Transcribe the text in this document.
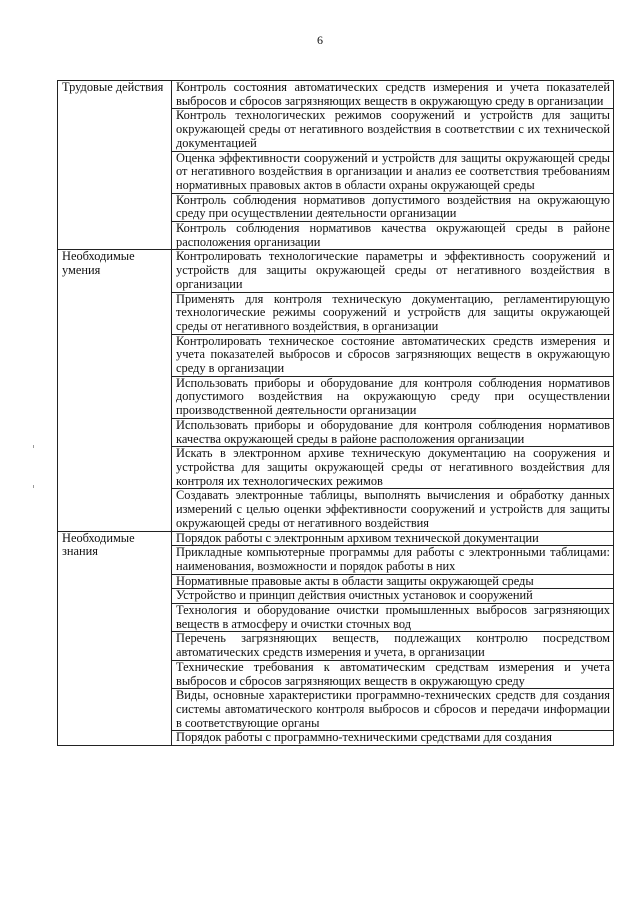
6
Трудовые действия	Контроль состояния автоматических средств измерения и учета показателей выбросов и сбросов загрязняющих веществ в окружающую среду в организации
	Контроль технологических режимов сооружений и устройств для защиты окружающей среды от негативного воздействия в соответствии с их технической документацией
	Оценка эффективности сооружений и устройств для защиты окружающей среды от негативного воздействия в организации и анализ ее соответствия требованиям нормативных правовых актов в области охраны окружающей среды
	Контроль соблюдения нормативов допустимого воздействия на окружающую среду при осуществлении деятельности организации
	Контроль соблюдения нормативов качества окружающей среды в районе расположения организации
Необходимые умения	Контролировать технологические параметры и эффективность сооружений и устройств для защиты окружающей среды от негативного воздействия в организации
	Применять для контроля техническую документацию, регламентирующую технологические режимы сооружений и устройств для защиты окружающей среды от негативного воздействия, в организации
	Контролировать техническое состояние автоматических средств измерения и учета показателей выбросов и сбросов загрязняющих веществ в окружающую среду в организации
	Использовать приборы и оборудование для контроля соблюдения нормативов допустимого воздействия на окружающую среду при осуществлении производственной деятельности организации
	Использовать приборы и оборудование для контроля соблюдения нормативов качества окружающей среды в районе расположения организации
	Искать в электронном архиве техническую документацию на сооружения и устройства для защиты окружающей среды от негативного воздействия для контроля их технологических режимов
	Создавать электронные таблицы, выполнять вычисления и обработку данных измерений с целью оценки эффективности сооружений и устройств для защиты окружающей среды от негативного воздействия
Необходимые знания	Порядок работы с электронным архивом технической документации
	Прикладные компьютерные программы для работы с электронными таблицами: наименования, возможности и порядок работы в них
	Нормативные правовые акты в области защиты окружающей среды
	Устройство и принцип действия очистных установок и сооружений
	Технология и оборудование очистки промышленных выбросов загрязняющих веществ в атмосферу и очистки сточных вод
	Перечень загрязняющих веществ, подлежащих контролю посредством автоматических средств измерения и учета, в организации
	Технические требования к автоматическим средствам измерения и учета выбросов и сбросов загрязняющих веществ в окружающую среду
	Виды, основные характеристики программно-технических средств для создания системы автоматического контроля выбросов и сбросов и передачи информации в соответствующие органы
	Порядок работы с программно-техническими средствами для создания
